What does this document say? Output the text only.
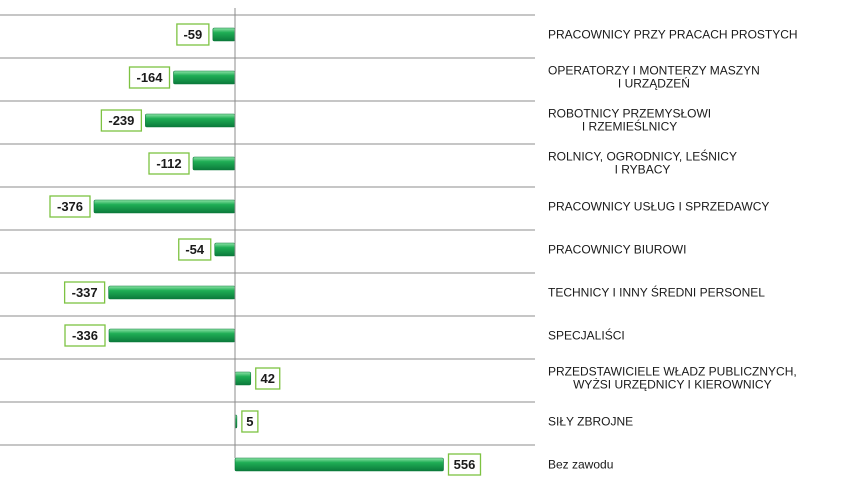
-59
-164
-239
-112
-376
-54
-337
-336
42
5
556
PRACOWNICY PRZY PRACACH PROSTYCH
OPERATORZY I MONTERZY MASZYN
I URZĄDZEŃ
ROBOTNICY PRZEMYSŁOWI
I RZEMIEŚLNICY
ROLNICY, OGRODNICY, LEŚNICY
I RYBACY
PRACOWNICY USŁUG I SPRZEDAWCY
PRACOWNICY BIUROWI
TECHNICY I INNY ŚREDNI PERSONEL
SPECJALIŚCI
PRZEDSTAWICIELE WŁADZ PUBLICZNYCH,
WYŻSI URZĘDNICY I KIEROWNICY
SIŁY ZBROJNE
Bez zawodu
